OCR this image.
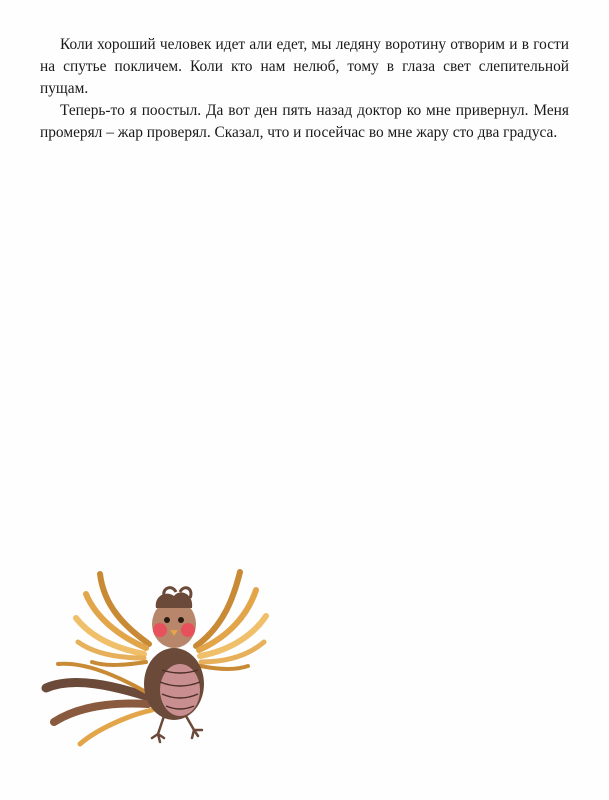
Коли хороший человек идет али едет, мы ледяну воротину отворим и в гости на спутье покличем. Коли кто нам нелюб, тому в глаза свет слепительной пущам.

Теперь-то я поостыл. Да вот ден пять назад доктор ко мне привернул. Меня промерял – жар проверял. Сказал, что и посейчас во мне жару сто два градуса.
